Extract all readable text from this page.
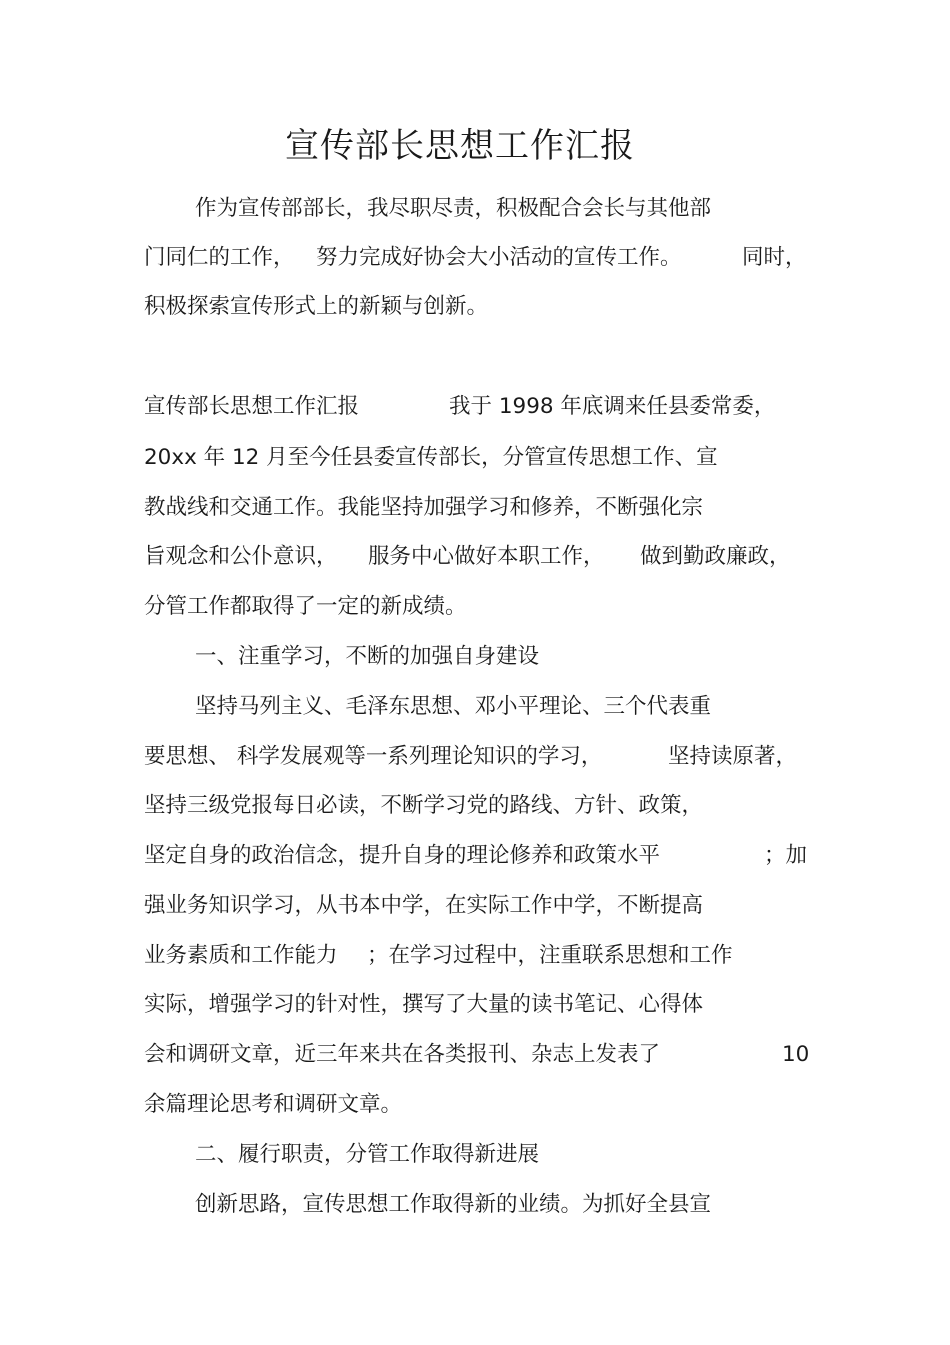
宣传部长思想工作汇报
作为宣传部部长，我尽职尽责，积极配合会长与其他部
门同仁的工作， 努力完成好协会大小活动的宣传工作。	同时，
积极探索宣传形式上的新颖与创新。
宣传部长思想工作汇报	我于 1998 年底调来任县委常委，
20xx 年 12 月至今任县委宣传部长，分管宣传思想工作、宣
教战线和交通工作。我能坚持加强学习和修养，不断强化宗
旨观念和公仆意识， 服务中心做好本职工作， 做到勤政廉政，
分管工作都取得了一定的新成绩。
一、注重学习，不断的加强自身建设
坚持马列主义、毛泽东思想、邓小平理论、三个代表重
要思想、 科学发展观等一系列理论知识的学习，	坚持读原著，
坚持三级党报每日必读，不断学习党的路线、方针、政策，
坚定自身的政治信念，提升自身的理论修养和政策水平	；加
强业务知识学习，从书本中学，在实际工作中学，不断提高
业务素质和工作能力 ；在学习过程中，注重联系思想和工作
实际，增强学习的针对性，撰写了大量的读书笔记、心得体
会和调研文章，近三年来共在各类报刊、杂志上发表了	10
余篇理论思考和调研文章。
二、履行职责，分管工作取得新进展
创新思路，宣传思想工作取得新的业绩。为抓好全县宣
